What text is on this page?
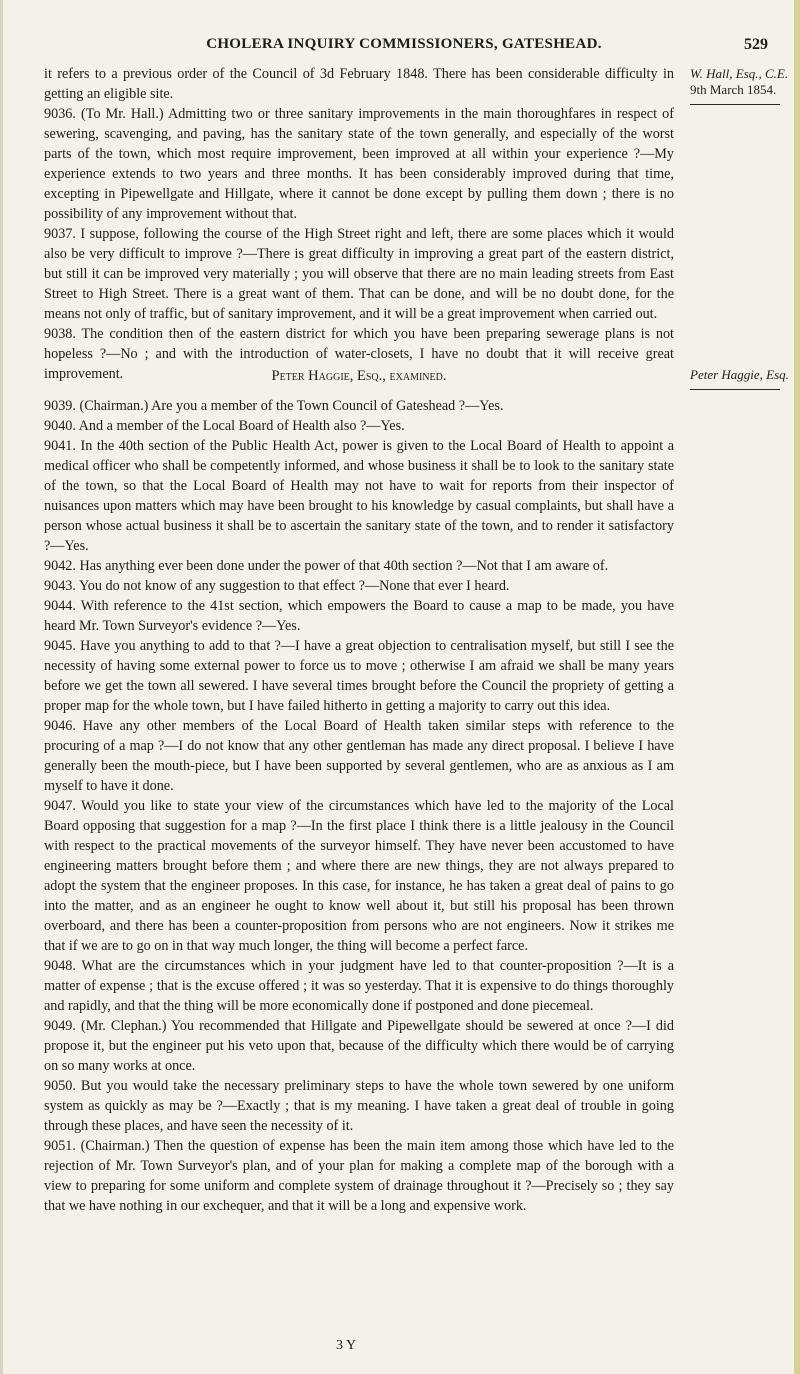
CHOLERA INQUIRY COMMISSIONERS, GATESHEAD.	529
W. Hall, Esq., C.E.
9th March 1854.
Peter Haggie, Esq.

it refers to a previous order of the Council of 3d February 1848. There has been considerable difficulty in getting an eligible site.

9036. (To Mr. Hall.) Admitting two or three sanitary improvements in the main thoroughfares in respect of sewering, scavenging, and paving, has the sanitary state of the town generally, and especially of the worst parts of the town, which most require improvement, been improved at all within your experience ?—My experience extends to two years and three months. It has been considerably improved during that time, excepting in Pipewellgate and Hillgate, where it cannot be done except by pulling them down ; there is no possibility of any improvement without that.

9037. I suppose, following the course of the High Street right and left, there are some places which it would also be very difficult to improve ?—There is great difficulty in improving a great part of the eastern district, but still it can be improved very materially ; you will observe that there are no main leading streets from East Street to High Street. There is a great want of them. That can be done, and will be no doubt done, for the means not only of traffic, but of sanitary improvement, and it will be a great improvement when carried out.

9038. The condition then of the eastern district for which you have been preparing sewerage plans is not hopeless ?—No ; and with the introduction of water-closets, I have no doubt that it will receive great improvement.	Peter Haggie, Esq., examined.

9039. (Chairman.) Are you a member of the Town Council of Gateshead ?—Yes.

9040. And a member of the Local Board of Health also ?—Yes.

9041. In the 40th section of the Public Health Act, power is given to the Local Board of Health to appoint a medical officer who shall be competently informed, and whose business it shall be to look to the sanitary state of the town, so that the Local Board of Health may not have to wait for reports from their inspector of nuisances upon matters which may have been brought to his knowledge by casual complaints, but shall have a person whose actual business it shall be to ascertain the sanitary state of the town, and to render it satisfactory ?—Yes.

9042. Has anything ever been done under the power of that 40th section ?—Not that I am aware of.

9043. You do not know of any suggestion to that effect ?—None that ever I heard.

9044. With reference to the 41st section, which empowers the Board to cause a map to be made, you have heard Mr. Town Surveyor's evidence ?—Yes.

9045. Have you anything to add to that ?—I have a great objection to centralisation myself, but still I see the necessity of having some external power to force us to move ; otherwise I am afraid we shall be many years before we get the town all sewered. I have several times brought before the Council the propriety of getting a proper map for the whole town, but I have failed hitherto in getting a majority to carry out this idea.

9046. Have any other members of the Local Board of Health taken similar steps with reference to the procuring of a map ?—I do not know that any other gentleman has made any direct proposal. I believe I have generally been the mouth-piece, but I have been supported by several gentlemen, who are as anxious as I am myself to have it done.

9047. Would you like to state your view of the circumstances which have led to the majority of the Local Board opposing that suggestion for a map ?—In the first place I think there is a little jealousy in the Council with respect to the practical movements of the surveyor himself. They have never been accustomed to have engineering matters brought before them ; and where there are new things, they are not always prepared to adopt the system that the engineer proposes. In this case, for instance, he has taken a great deal of pains to go into the matter, and as an engineer he ought to know well about it, but still his proposal has been thrown overboard, and there has been a counter-proposition from persons who are not engineers. Now it strikes me that if we are to go on in that way much longer, the thing will become a perfect farce.

9048. What are the circumstances which in your judgment have led to that counter-proposition ?—It is a matter of expense ; that is the excuse offered ; it was so yesterday. That it is expensive to do things thoroughly and rapidly, and that the thing will be more economically done if postponed and done piecemeal.

9049. (Mr. Clephan.) You recommended that Hillgate and Pipewellgate should be sewered at once ?—I did propose it, but the engineer put his veto upon that, because of the difficulty which there would be of carrying on so many works at once.

9050. But you would take the necessary preliminary steps to have the whole town sewered by one uniform system as quickly as may be ?—Exactly ; that is my meaning. I have taken a great deal of trouble in going through these places, and have seen the necessity of it.

9051. (Chairman.) Then the question of expense has been the main item among those which have led to the rejection of Mr. Town Surveyor's plan, and of your plan for making a complete map of the borough with a view to preparing for some uniform and complete system of drainage throughout it ?—Precisely so ; they say that we have nothing in our exchequer, and that it will be a long and expensive work.

3 Y
